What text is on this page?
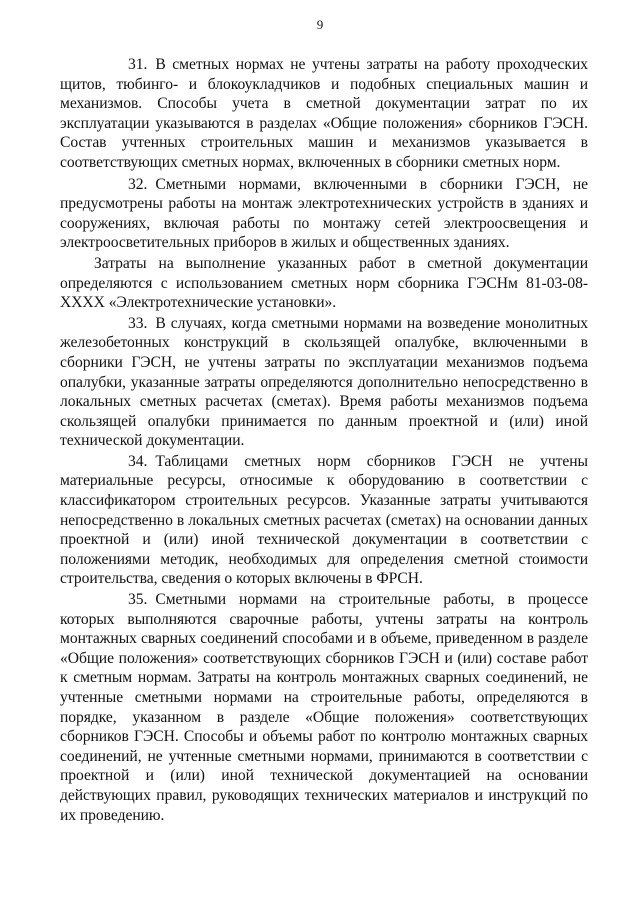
9

31. В сметных нормах не учтены затраты на работу проходческих щитов, тюбинго- и блокоукладчиков и подобных специальных машин и механизмов. Способы учета в сметной документации затрат по их эксплуатации указываются в разделах «Общие положения» сборников ГЭСН. Состав учтенных строительных машин и механизмов указывается в соответствующих сметных нормах, включенных в сборники сметных норм.

32. Сметными нормами, включенными в сборники ГЭСН, не предусмотрены работы на монтаж электротехнических устройств в зданиях и сооружениях, включая работы по монтажу сетей электроосвещения и электроосветительных приборов в жилых и общественных зданиях.

Затраты на выполнение указанных работ в сметной документации определяются с использованием сметных норм сборника ГЭСНм 81-03-08-XXXX «Электротехнические установки».

33. В случаях, когда сметными нормами на возведение монолитных железобетонных конструкций в скользящей опалубке, включенными в сборники ГЭСН, не учтены затраты по эксплуатации механизмов подъема опалубки, указанные затраты определяются дополнительно непосредственно в локальных сметных расчетах (сметах). Время работы механизмов подъема скользящей опалубки принимается по данным проектной и (или) иной технической документации.

34. Таблицами сметных норм сборников ГЭСН не учтены материальные ресурсы, относимые к оборудованию в соответствии с классификатором строительных ресурсов. Указанные затраты учитываются непосредственно в локальных сметных расчетах (сметах) на основании данных проектной и (или) иной технической документации в соответствии с положениями методик, необходимых для определения сметной стоимости строительства, сведения о которых включены в ФРСН.

35. Сметными нормами на строительные работы, в процессе которых выполняются сварочные работы, учтены затраты на контроль монтажных сварных соединений способами и в объеме, приведенном в разделе «Общие положения» соответствующих сборников ГЭСН и (или) составе работ к сметным нормам. Затраты на контроль монтажных сварных соединений, не учтенные сметными нормами на строительные работы, определяются в порядке, указанном в разделе «Общие положения» соответствующих сборников ГЭСН. Способы и объемы работ по контролю монтажных сварных соединений, не учтенные сметными нормами, принимаются в соответствии с проектной и (или) иной технической документацией на основании действующих правил, руководящих технических материалов и инструкций по их проведению.
